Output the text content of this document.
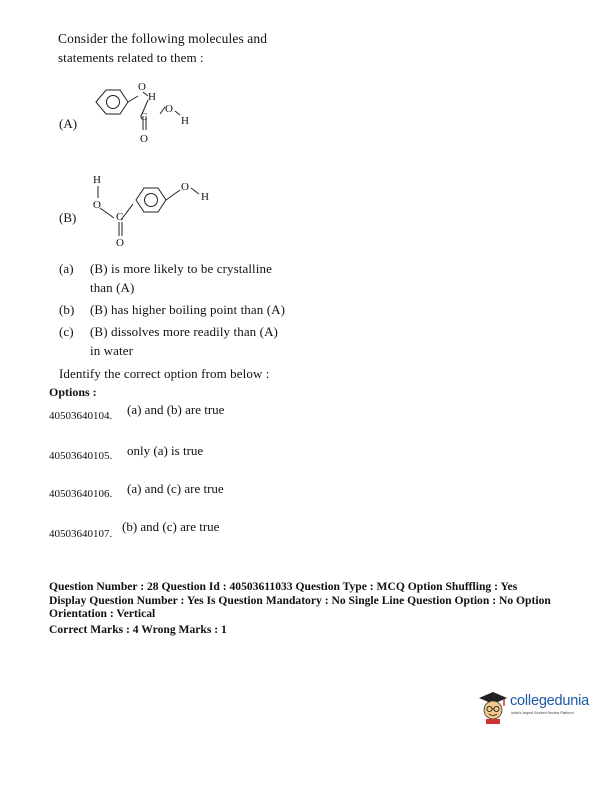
Consider the following molecules and
statements related to them :
(A)
O
H
O
H
C
O
(B)
H
O
C
O
O
H
(a) (B) is more likely to be crystalline
than (A)
(b) (B) has higher boiling point than (A)
(c) (B) dissolves more readily than (A)
in water
Identify the correct option from below :
Options :
40503640104. (a) and (b) are true
40503640105. only (a) is true
40503640106. (a) and (c) are true
40503640107. (b) and (c) are true
Question Number : 28 Question Id : 40503611033 Question Type : MCQ Option Shuffling : Yes
Display Question Number : Yes Is Question Mandatory : No Single Line Question Option : No Option
Orientation : Vertical
Correct Marks : 4 Wrong Marks : 1
collegedunia
India's largest Student Review Platform
